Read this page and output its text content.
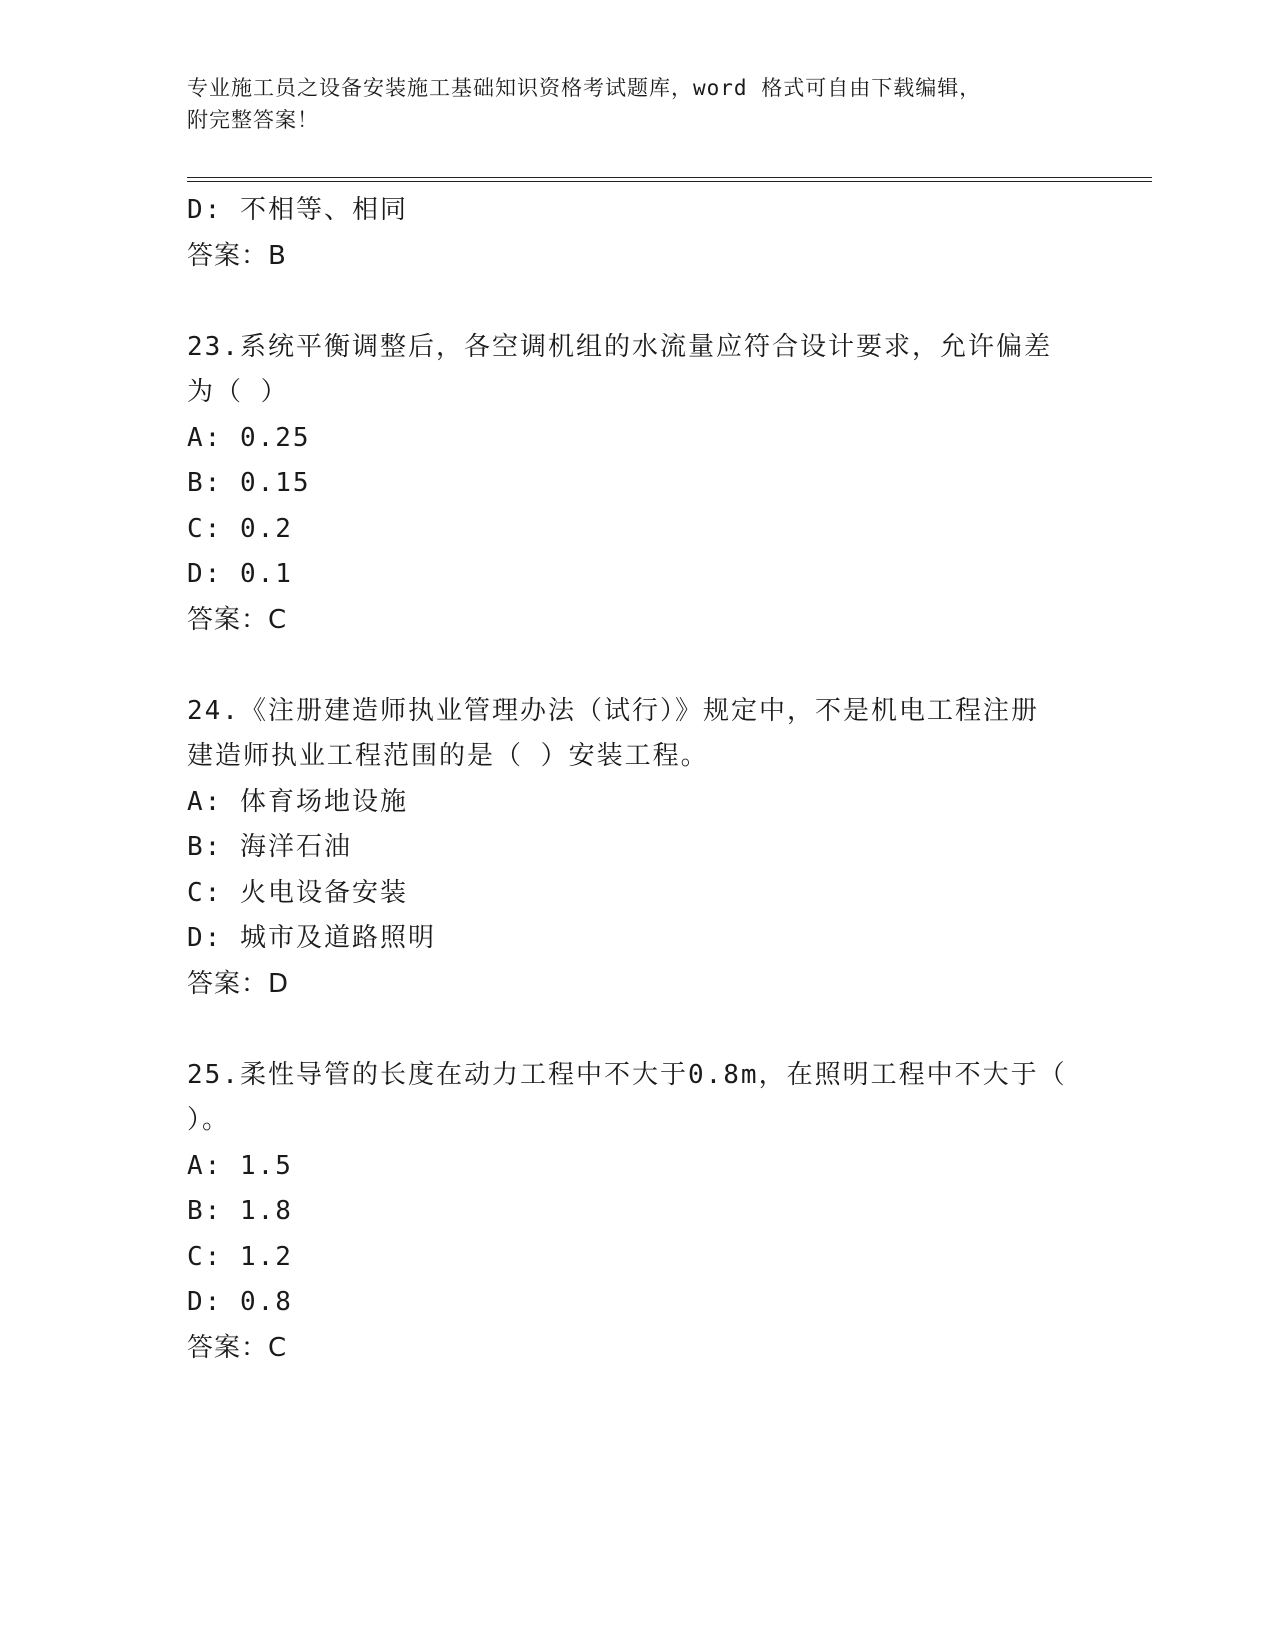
专业施工员之设备安装施工基础知识资格考试题库，word 格式可自由下载编辑，
附完整答案！
D: 不相等、相同
答案：B
23.系统平衡调整后，各空调机组的水流量应符合设计要求，允许偏差
为（ ）
A: 0.25
B: 0.15
C: 0.2
D: 0.1
答案：C
24.《注册建造师执业管理办法（试行）》规定中，不是机电工程注册
建造师执业工程范围的是（ ）安装工程。
A: 体育场地设施
B: 海洋石油
C: 火电设备安装
D: 城市及道路照明
答案：D
25.柔性导管的长度在动力工程中不大于0.8m，在照明工程中不大于（
）。
A: 1.5
B: 1.8
C: 1.2
D: 0.8
答案：C
